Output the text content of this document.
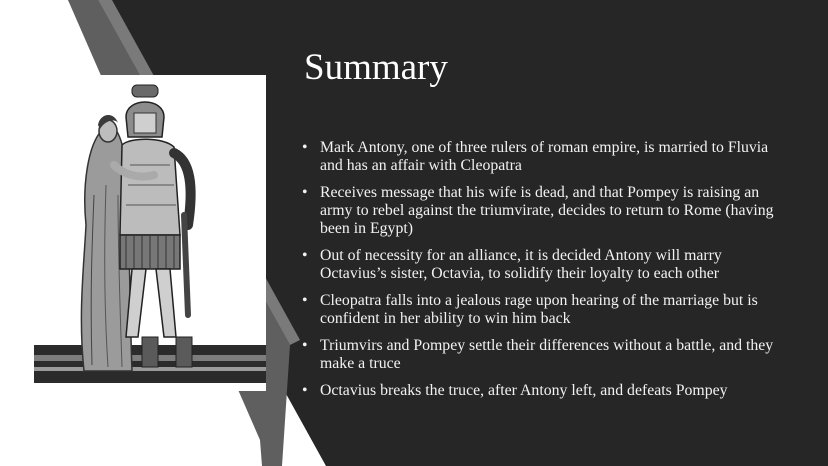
Summary
• Mark Antony, one of three rulers of roman empire, is married to Fluvia and has an affair with Cleopatra
• Receives message that his wife is dead, and that Pompey is raising an army to rebel against the triumvirate, decides to return to Rome (having been in Egypt)
• Out of necessity for an alliance, it is decided Antony will marry Octavius’s sister, Octavia, to solidify their loyalty to each other
• Cleopatra falls into a jealous rage upon hearing of the marriage but is confident in her ability to win him back
• Triumvirs and Pompey settle their differences without a battle, and they make a truce
• Octavius breaks the truce, after Antony left, and defeats Pompey
